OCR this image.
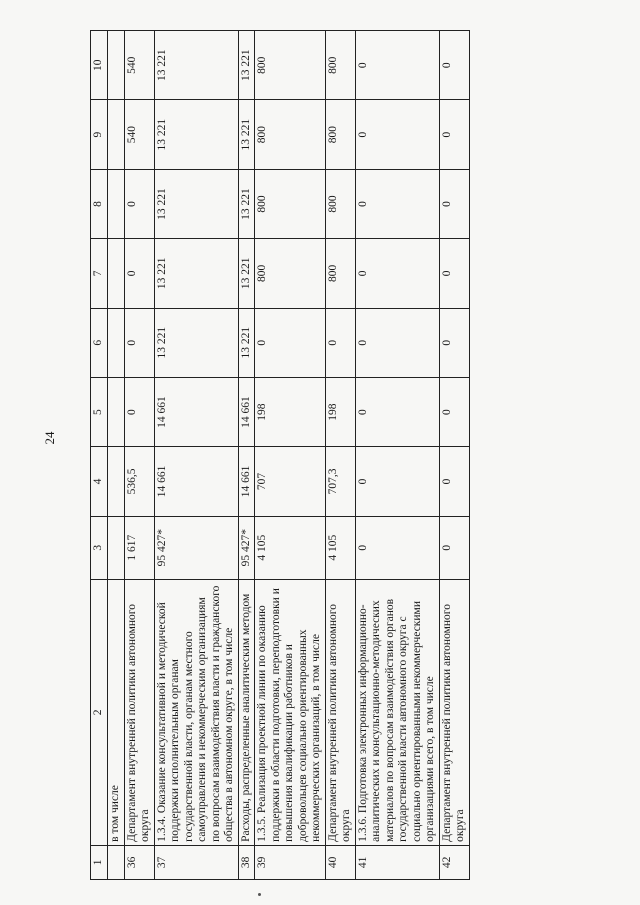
24
1	2	3	4	5	6	7	8	9	10
	в том числе								
36	Департамент внутренней политики автономного округа	1 617	536,5	0	0	0	0	540	540
37	1.3.4. Оказание консультативной и методической поддержки исполнительным органам государственной власти, органам местного самоуправления и некоммерческим организациям по вопросам взаимодействия власти и гражданского общества в автономном округе, в том числе	95 427*	14 661	14 661	13 221	13 221	13 221	13 221	13 221
38	Расходы, распределенные аналитическим методом	95 427*	14 661	14 661	13 221	13 221	13 221	13 221	13 221
39	1.3.5. Реализация проектной линии по оказанию поддержки в области подготовки, переподготовки и повышения квалификации работников и добровольцев социально ориентированных некоммерческих организаций, в том числе	4 105	707	198	0	800	800	800	800
40	Департамент внутренней политики автономного округа	4 105	707,3	198	0	800	800	800	800
41	1.3.6. Подготовка электронных информационно-аналитических и консультационно-методических материалов по вопросам взаимодействия органов государственной власти автономного округа с социально ориентированными некоммерческими организациями всего, в том числе	0	0	0	0	0	0	0	0
42	Департамент внутренней политики автономного округа	0	0	0	0	0	0	0	0
